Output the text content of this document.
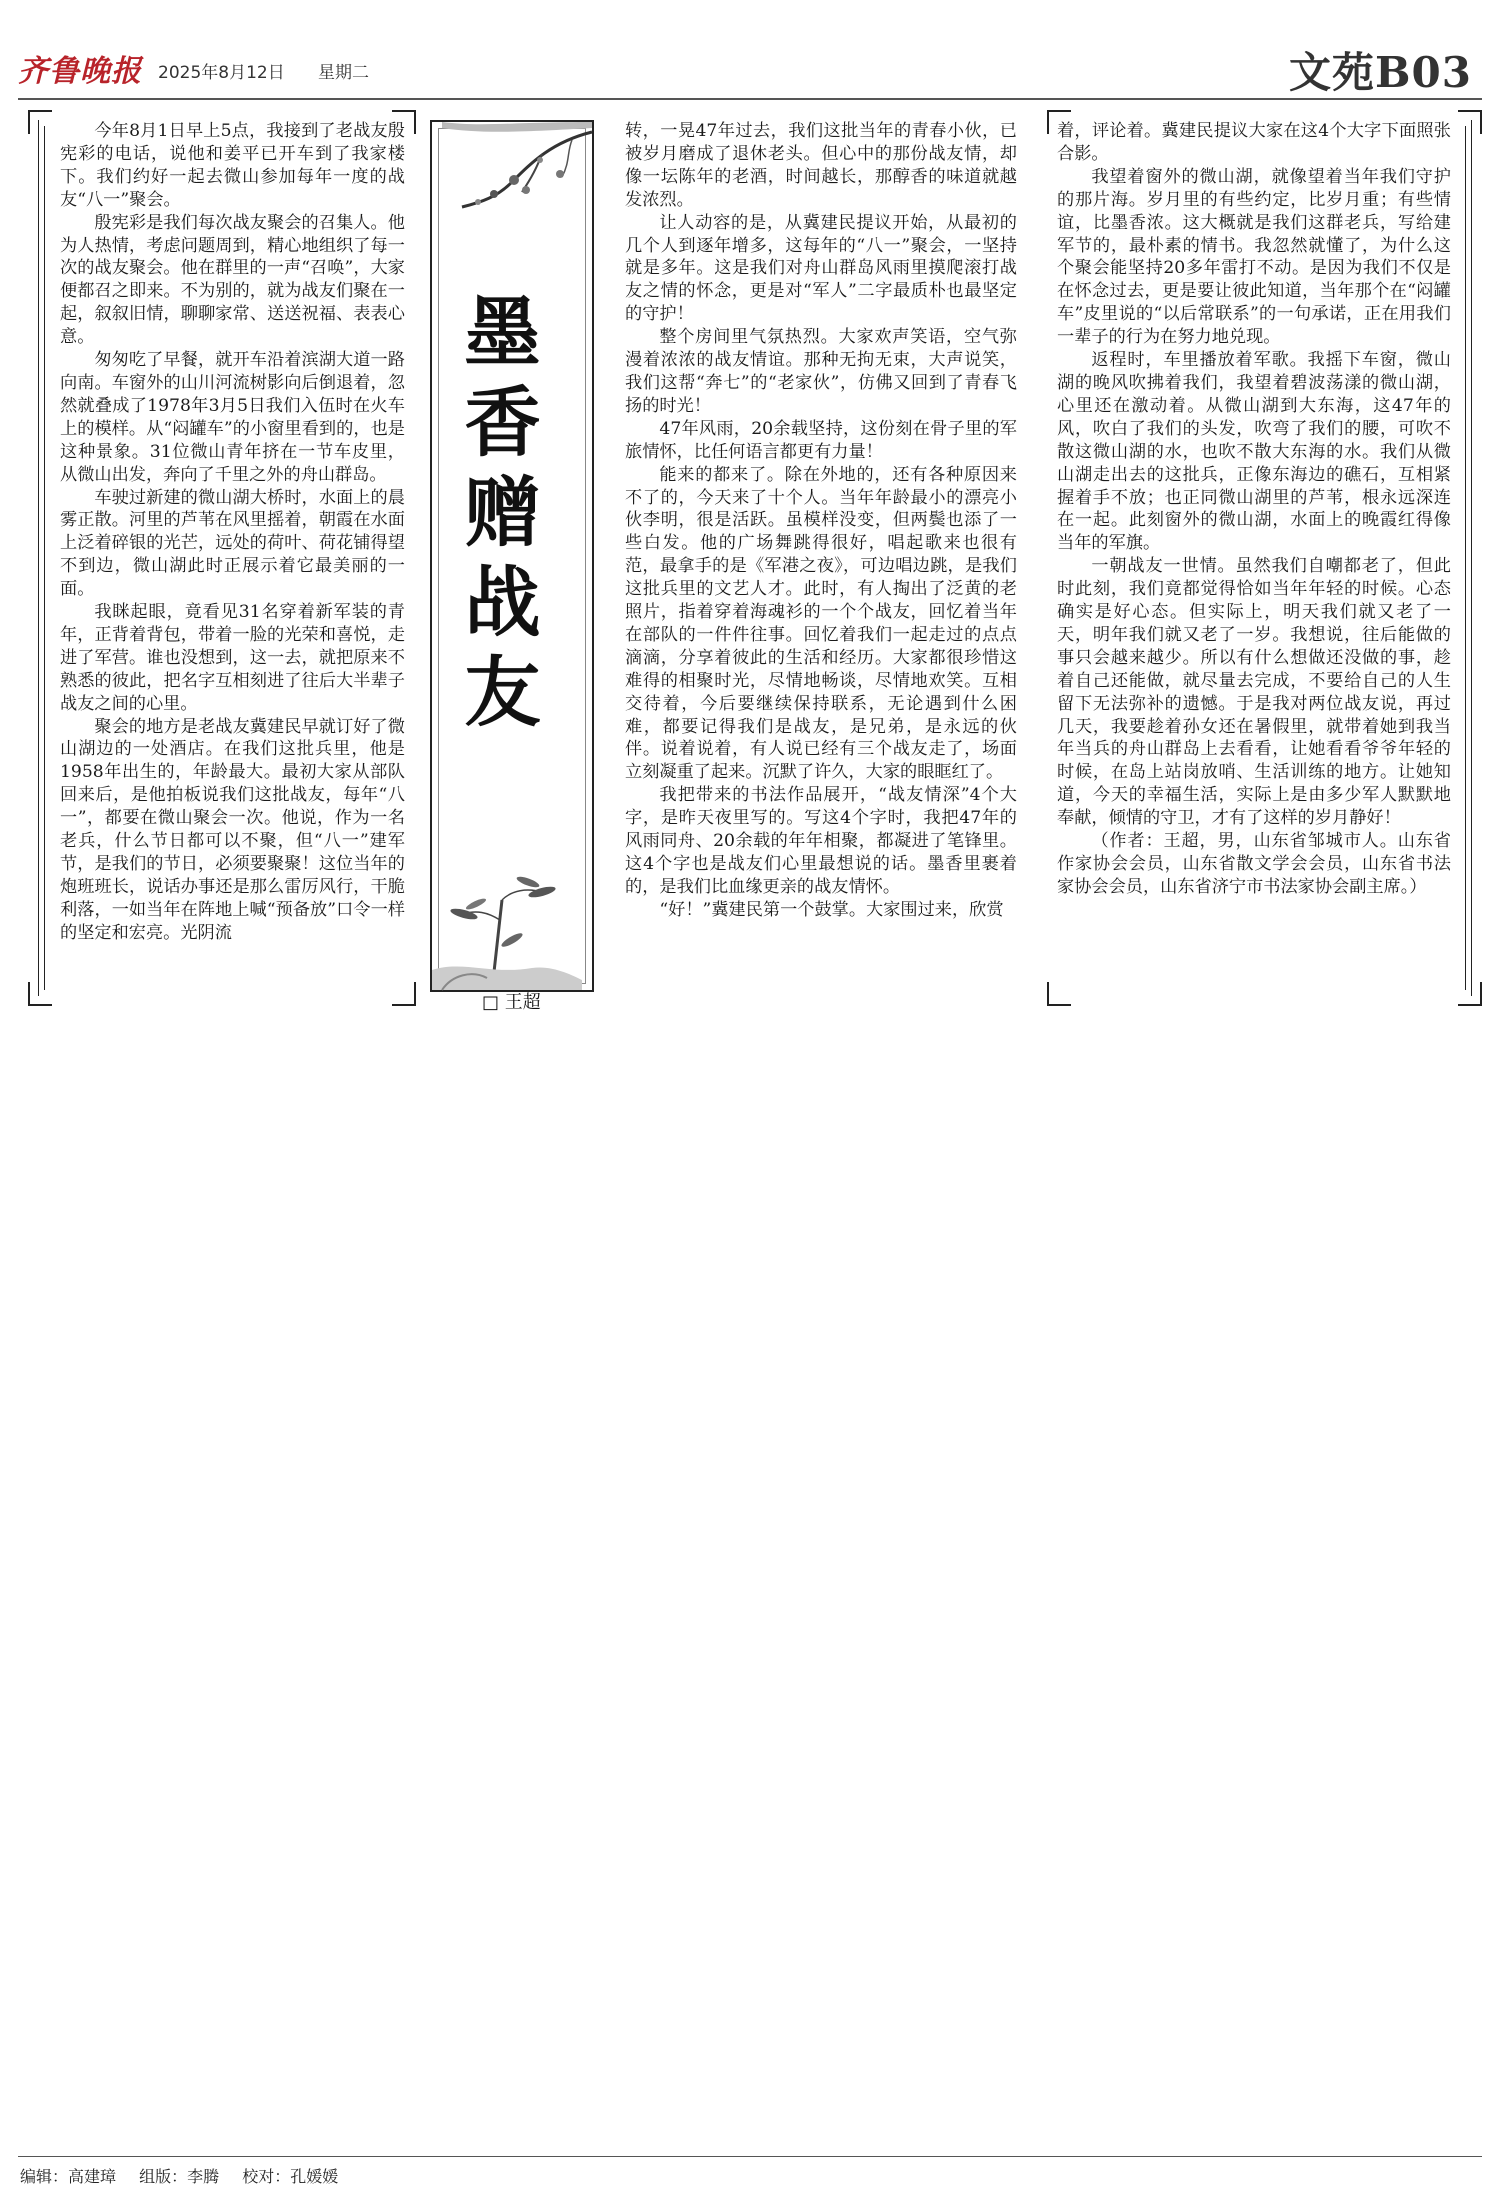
齐鲁晚报 2025年8月12日 星期二	文苑B03

今年8月1日早上5点，我接到了老战友殷宪彩的电话，说他和姜平已开车到了我家楼下。我们约好一起去微山参加每年一度的战友“八一”聚会。

殷宪彩是我们每次战友聚会的召集人。他为人热情，考虑问题周到，精心地组织了每一次的战友聚会。他在群里的一声“召唤”，大家便都召之即来。不为别的，就为战友们聚在一起，叙叙旧情，聊聊家常、送送祝福、表表心意。

匆匆吃了早餐，就开车沿着滨湖大道一路向南。车窗外的山川河流树影向后倒退着，忽然就叠成了1978年3月5日我们入伍时在火车上的模样。从“闷罐车”的小窗里看到的，也是这种景象。31位微山青年挤在一节车皮里，从微山出发，奔向了千里之外的舟山群岛。

车驶过新建的微山湖大桥时，水面上的晨雾正散。河里的芦苇在风里摇着，朝霞在水面上泛着碎银的光芒，远处的荷叶、荷花铺得望不到边，微山湖此时正展示着它最美丽的一面。

我眯起眼，竟看见31名穿着新军装的青年，正背着背包，带着一脸的光荣和喜悦，走进了军营。谁也没想到，这一去，就把原来不熟悉的彼此，把名字互相刻进了往后大半辈子战友之间的心里。

聚会的地方是老战友冀建民早就订好了微山湖边的一处酒店。在我们这批兵里，他是1958年出生的，年龄最大。最初大家从部队回来后，是他拍板说我们这批战友，每年“八一”，都要在微山聚会一次。他说，作为一名老兵，什么节日都可以不聚，但“八一”建军节，是我们的节日，必须要聚聚！这位当年的炮班班长，说话办事还是那么雷厉风行，干脆利落，一如当年在阵地上喊“预备放”口令一样的坚定和宏亮。光阴流

墨香赠战友
□ 王超

转，一晃47年过去，我们这批当年的青春小伙，已被岁月磨成了退休老头。但心中的那份战友情，却像一坛陈年的老酒，时间越长，那醇香的味道就越发浓烈。

让人动容的是，从冀建民提议开始，从最初的几个人到逐年增多，这每年的“八一”聚会，一坚持就是多年。这是我们对舟山群岛风雨里摸爬滚打战友之情的怀念，更是对“军人”二字最质朴也最坚定的守护！

整个房间里气氛热烈。大家欢声笑语，空气弥漫着浓浓的战友情谊。那种无拘无束，大声说笑，我们这帮“奔七”的“老家伙”，仿佛又回到了青春飞扬的时光！

47年风雨，20余载坚持，这份刻在骨子里的军旅情怀，比任何语言都更有力量！

能来的都来了。除在外地的，还有各种原因来不了的，今天来了十个人。当年年龄最小的漂亮小伙李明，很是活跃。虽模样没变，但两鬓也添了一些白发。他的广场舞跳得很好，唱起歌来也很有范，最拿手的是《军港之夜》，可边唱边跳，是我们这批兵里的文艺人才。此时，有人掏出了泛黄的老照片，指着穿着海魂衫的一个个战友，回忆着当年在部队的一件件往事。回忆着我们一起走过的点点滴滴，分享着彼此的生活和经历。大家都很珍惜这难得的相聚时光，尽情地畅谈，尽情地欢笑。互相交待着，今后要继续保持联系，无论遇到什么困难，都要记得我们是战友，是兄弟，是永远的伙伴。说着说着，有人说已经有三个战友走了，场面立刻凝重了起来。沉默了许久，大家的眼眶红了。

我把带来的书法作品展开，“战友情深”4个大字，是昨天夜里写的。写这4个字时，我把47年的风雨同舟、20余载的年年相聚，都凝进了笔锋里。这4个字也是战友们心里最想说的话。墨香里裹着的，是我们比血缘更亲的战友情怀。

“好！”冀建民第一个鼓掌。大家围过来，欣赏

着，评论着。冀建民提议大家在这4个大字下面照张合影。

我望着窗外的微山湖，就像望着当年我们守护的那片海。岁月里的有些约定，比岁月重；有些情谊，比墨香浓。这大概就是我们这群老兵，写给建军节的，最朴素的情书。我忽然就懂了，为什么这个聚会能坚持20多年雷打不动。是因为我们不仅是在怀念过去，更是要让彼此知道，当年那个在“闷罐车”皮里说的“以后常联系”的一句承诺，正在用我们一辈子的行为在努力地兑现。

返程时，车里播放着军歌。我摇下车窗，微山湖的晚风吹拂着我们，我望着碧波荡漾的微山湖，心里还在激动着。从微山湖到大东海，这47年的风，吹白了我们的头发，吹弯了我们的腰，可吹不散这微山湖的水，也吹不散大东海的水。我们从微山湖走出去的这批兵，正像东海边的礁石，互相紧握着手不放；也正同微山湖里的芦苇，根永远深连在一起。此刻窗外的微山湖，水面上的晚霞红得像当年的军旗。

一朝战友一世情。虽然我们自嘲都老了，但此时此刻，我们竟都觉得恰如当年年轻的时候。心态确实是好心态。但实际上，明天我们就又老了一天，明年我们就又老了一岁。我想说，往后能做的事只会越来越少。所以有什么想做还没做的事，趁着自己还能做，就尽量去完成，不要给自己的人生留下无法弥补的遗憾。于是我对两位战友说，再过几天，我要趁着孙女还在暑假里，就带着她到我当年当兵的舟山群岛上去看看，让她看看爷爷年轻的时候，在岛上站岗放哨、生活训练的地方。让她知道，今天的幸福生活，实际上是由多少军人默默地奉献，倾情的守卫，才有了这样的岁月静好！

（作者：王超，男，山东省邹城市人。山东省作家协会会员，山东省散文学会会员，山东省书法家协会会员，山东省济宁市书法家协会副主席。）

编辑：高建璋 组版：李腾 校对：孔媛媛
